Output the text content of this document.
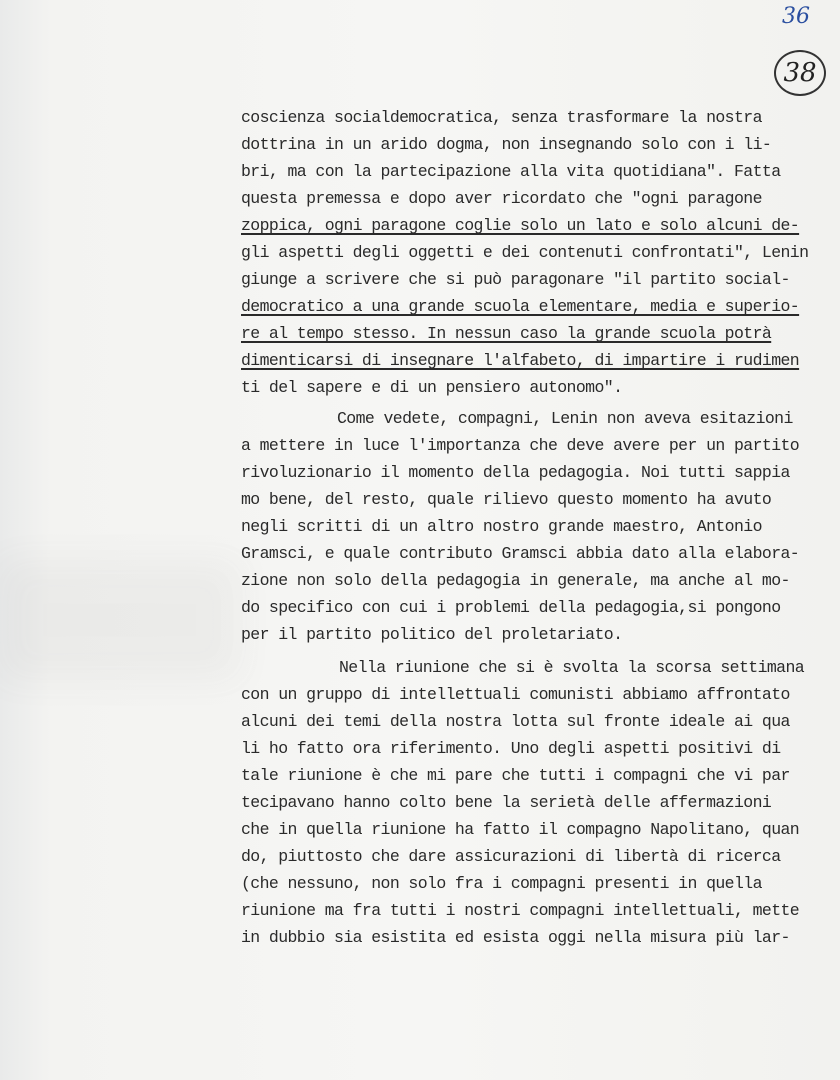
36
38
coscienza socialdemocratica, senza trasformare la nostra
dottrina in un arido dogma, non insegnando solo con i li-
bri, ma con la partecipazione alla vita quotidiana". Fatta
questa premessa e dopo aver ricordato che "ogni paragone
zoppica, ogni paragone coglie solo un lato e solo alcuni de-
gli aspetti degli oggetti e dei contenuti confrontati", Lenin
giunge a scrivere che si può paragonare "il partito social-
democratico a una grande scuola elementare, media e superio-
re al tempo stesso. In nessun caso la grande scuola potrà
dimenticarsi di insegnare l'alfabeto, di impartire i rudimen
ti del sapere e di un pensiero autonomo".
Come vedete, compagni, Lenin non aveva esitazioni
a mettere in luce l'importanza che deve avere per un partito
rivoluzionario il momento della pedagogia. Noi tutti sappia
mo bene, del resto, quale rilievo questo momento ha avuto
negli scritti di un altro nostro grande maestro, Antonio
Gramsci, e quale contributo Gramsci abbia dato alla elabora-
zione non solo della pedagogia in generale, ma anche al mo-
do specifico con cui i problemi della pedagogia,si pongono
per il partito politico del proletariato.
Nella riunione che si è svolta la scorsa settimana
con un gruppo di intellettuali comunisti abbiamo affrontato
alcuni dei temi della nostra lotta sul fronte ideale ai qua
li ho fatto ora riferimento. Uno degli aspetti positivi di
tale riunione è che mi pare che tutti i compagni che vi par
tecipavano hanno colto bene la serietà delle affermazioni
che in quella riunione ha fatto il compagno Napolitano, quan
do, piuttosto che dare assicurazioni di libertà di ricerca
(che nessuno, non solo fra i compagni presenti in quella
riunione ma fra tutti i nostri compagni intellettuali, mette
in dubbio sia esistita ed esista oggi nella misura più lar-
